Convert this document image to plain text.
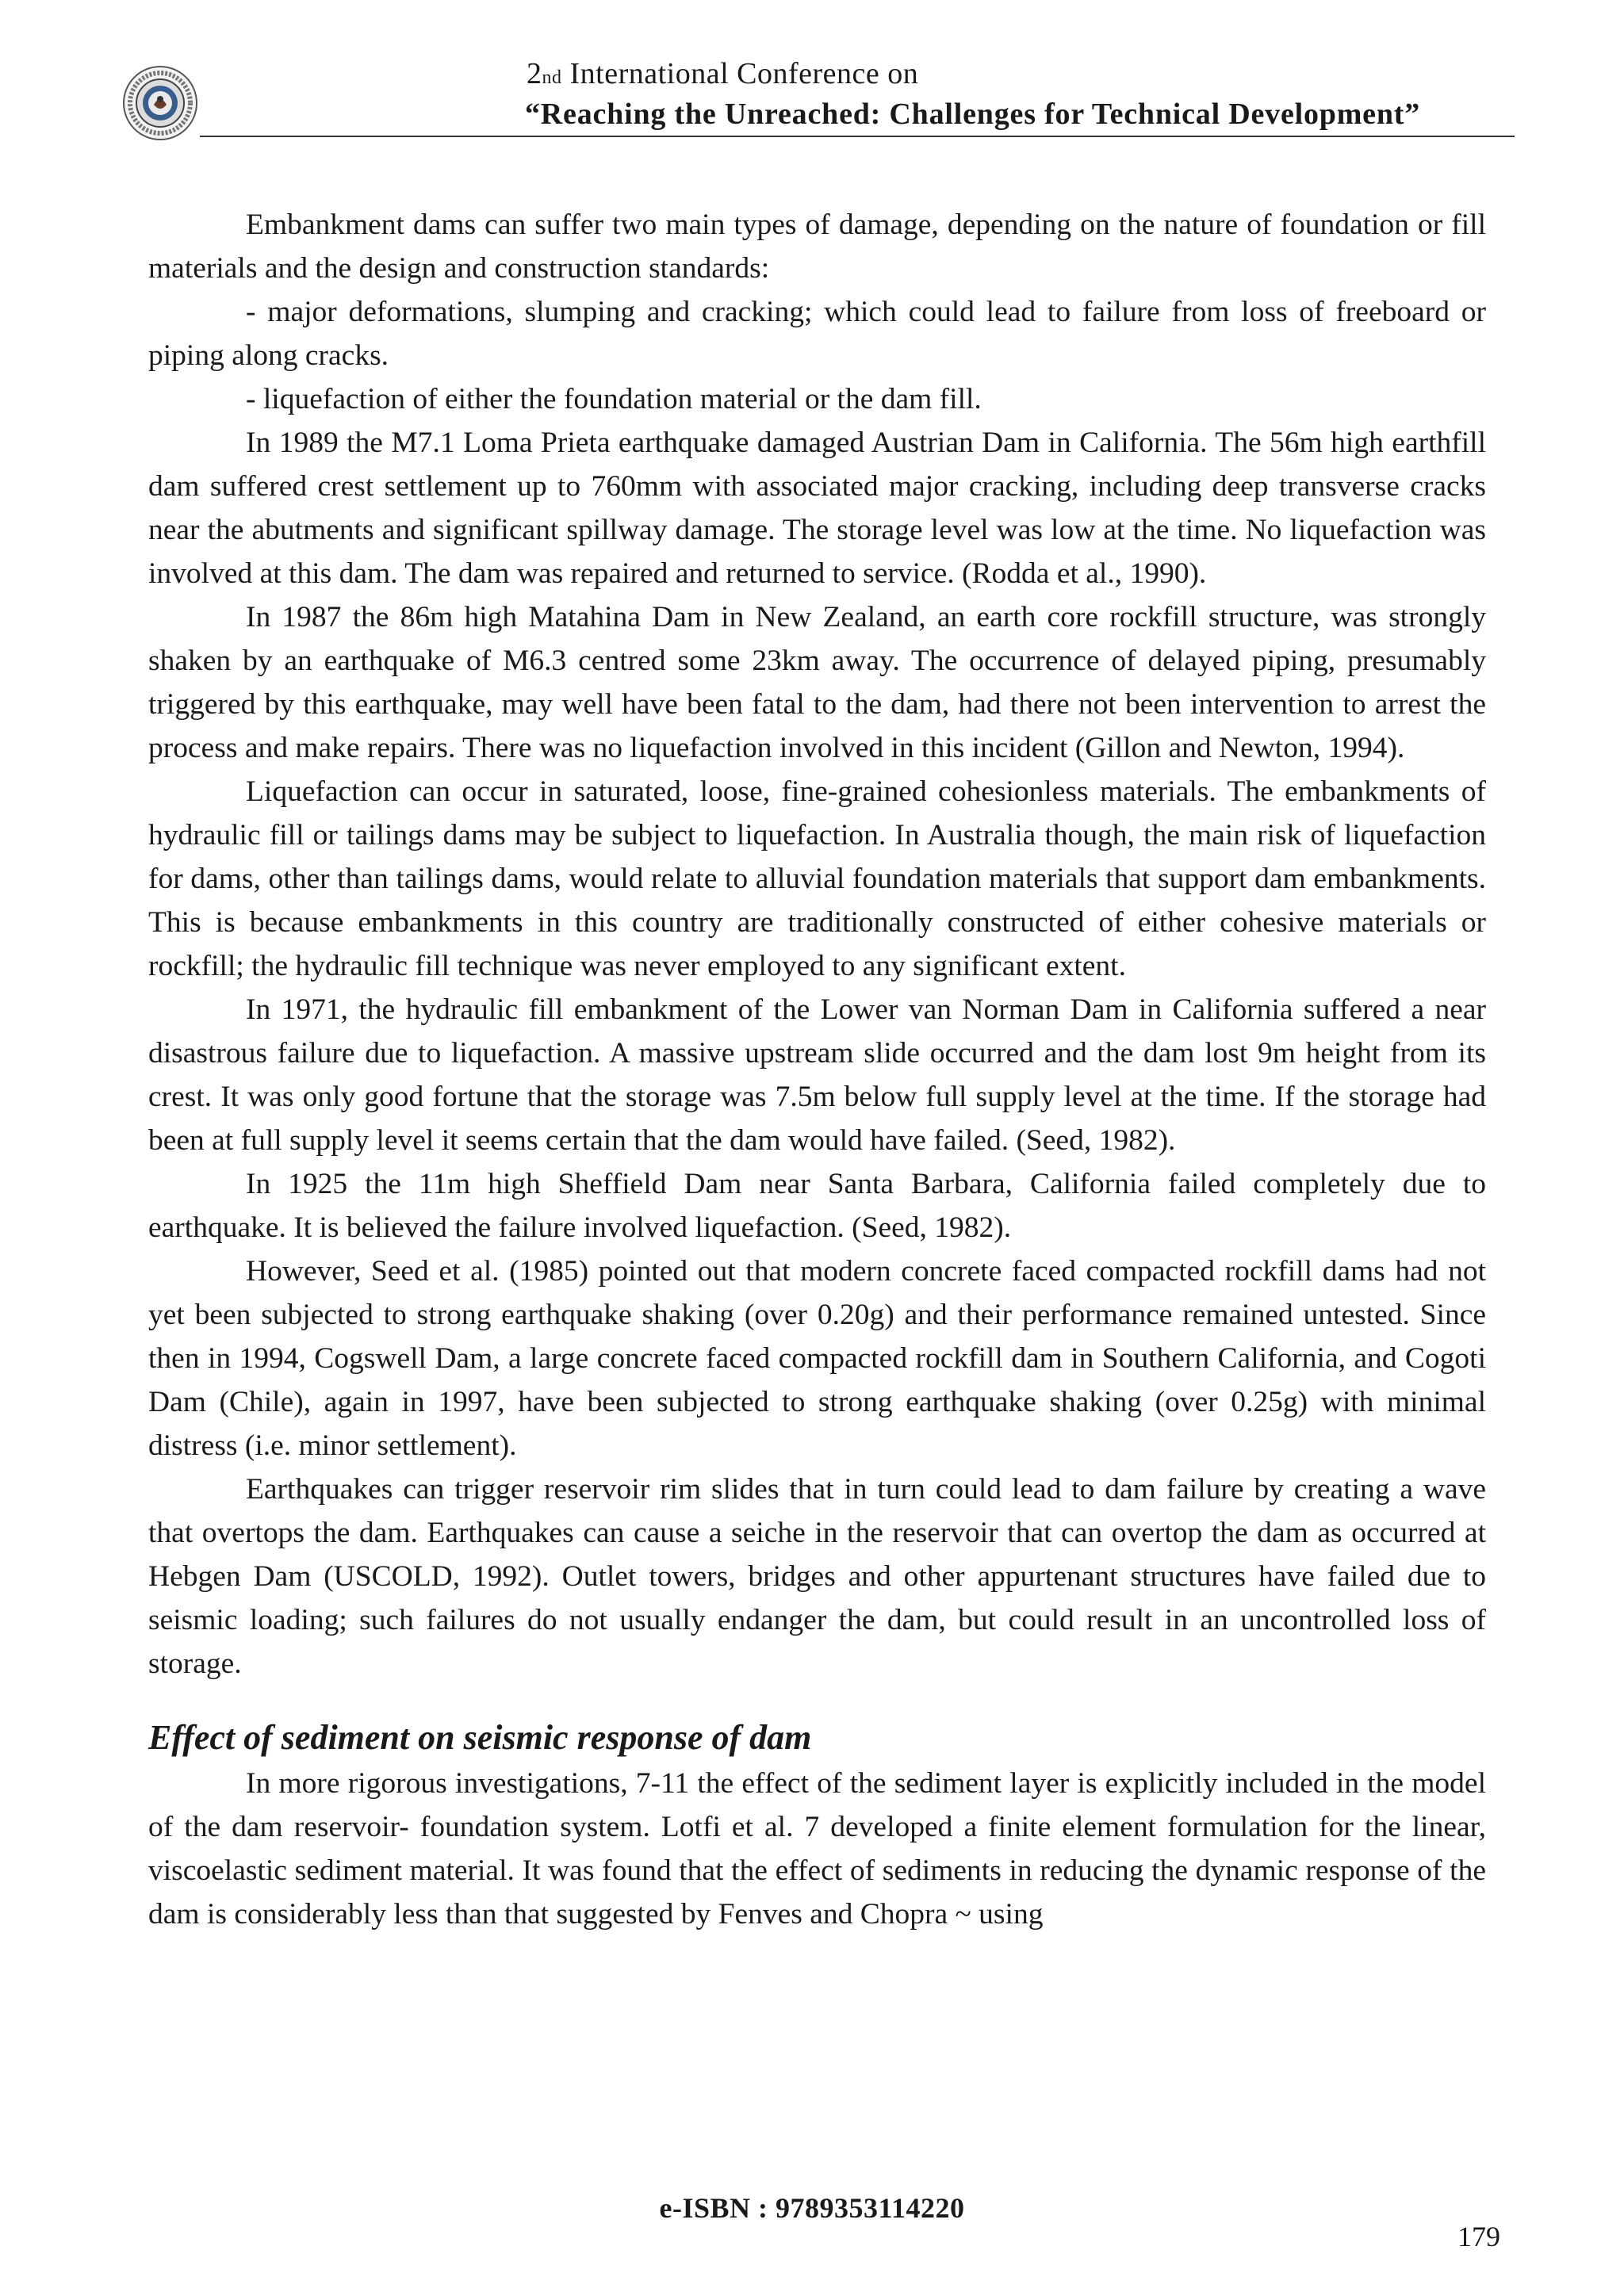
2nd International Conference on
“Reaching the Unreached: Challenges for Technical Development”

Embankment dams can suffer two main types of damage, depending on the nature of foundation or fill materials and the design and construction standards:

- major deformations, slumping and cracking; which could lead to failure from loss of freeboard or piping along cracks.

- liquefaction of either the foundation material or the dam fill.

In 1989 the M7.1 Loma Prieta earthquake damaged Austrian Dam in California. The 56m high earthfill dam suffered crest settlement up to 760mm with associated major cracking, including deep transverse cracks near the abutments and significant spillway damage. The storage level was low at the time. No liquefaction was involved at this dam. The dam was repaired and returned to service. (Rodda et al., 1990).

In 1987 the 86m high Matahina Dam in New Zealand, an earth core rockfill structure, was strongly shaken by an earthquake of M6.3 centred some 23km away. The occurrence of delayed piping, presumably triggered by this earthquake, may well have been fatal to the dam, had there not been intervention to arrest the process and make repairs. There was no liquefaction involved in this incident (Gillon and Newton, 1994).

Liquefaction can occur in saturated, loose, fine-grained cohesionless materials. The embankments of hydraulic fill or tailings dams may be subject to liquefaction. In Australia though, the main risk of liquefaction for dams, other than tailings dams, would relate to alluvial foundation materials that support dam embankments. This is because embankments in this country are traditionally constructed of either cohesive materials or rockfill; the hydraulic fill technique was never employed to any significant extent.

In 1971, the hydraulic fill embankment of the Lower van Norman Dam in California suffered a near disastrous failure due to liquefaction. A massive upstream slide occurred and the dam lost 9m height from its crest. It was only good fortune that the storage was 7.5m below full supply level at the time. If the storage had been at full supply level it seems certain that the dam would have failed. (Seed, 1982).

In 1925 the 11m high Sheffield Dam near Santa Barbara, California failed completely due to earthquake. It is believed the failure involved liquefaction. (Seed, 1982).

However, Seed et al. (1985) pointed out that modern concrete faced compacted rockfill dams had not yet been subjected to strong earthquake shaking (over 0.20g) and their performance remained untested. Since then in 1994, Cogswell Dam, a large concrete faced compacted rockfill dam in Southern California, and Cogoti Dam (Chile), again in 1997, have been subjected to strong earthquake shaking (over 0.25g) with minimal distress (i.e. minor settlement).

Earthquakes can trigger reservoir rim slides that in turn could lead to dam failure by creating a wave that overtops the dam. Earthquakes can cause a seiche in the reservoir that can overtop the dam as occurred at Hebgen Dam (USCOLD, 1992). Outlet towers, bridges and other appurtenant structures have failed due to seismic loading; such failures do not usually endanger the dam, but could result in an uncontrolled loss of storage.

Effect of sediment on seismic response of dam

In more rigorous investigations, 7-11 the effect of the sediment layer is explicitly included in the model of the dam reservoir- foundation system. Lotfi et al. 7 developed a finite element formulation for the linear, viscoelastic sediment material. It was found that the effect of sediments in reducing the dynamic response of the dam is considerably less than that suggested by Fenves and Chopra ~ using

e-ISBN : 9789353114220
179
